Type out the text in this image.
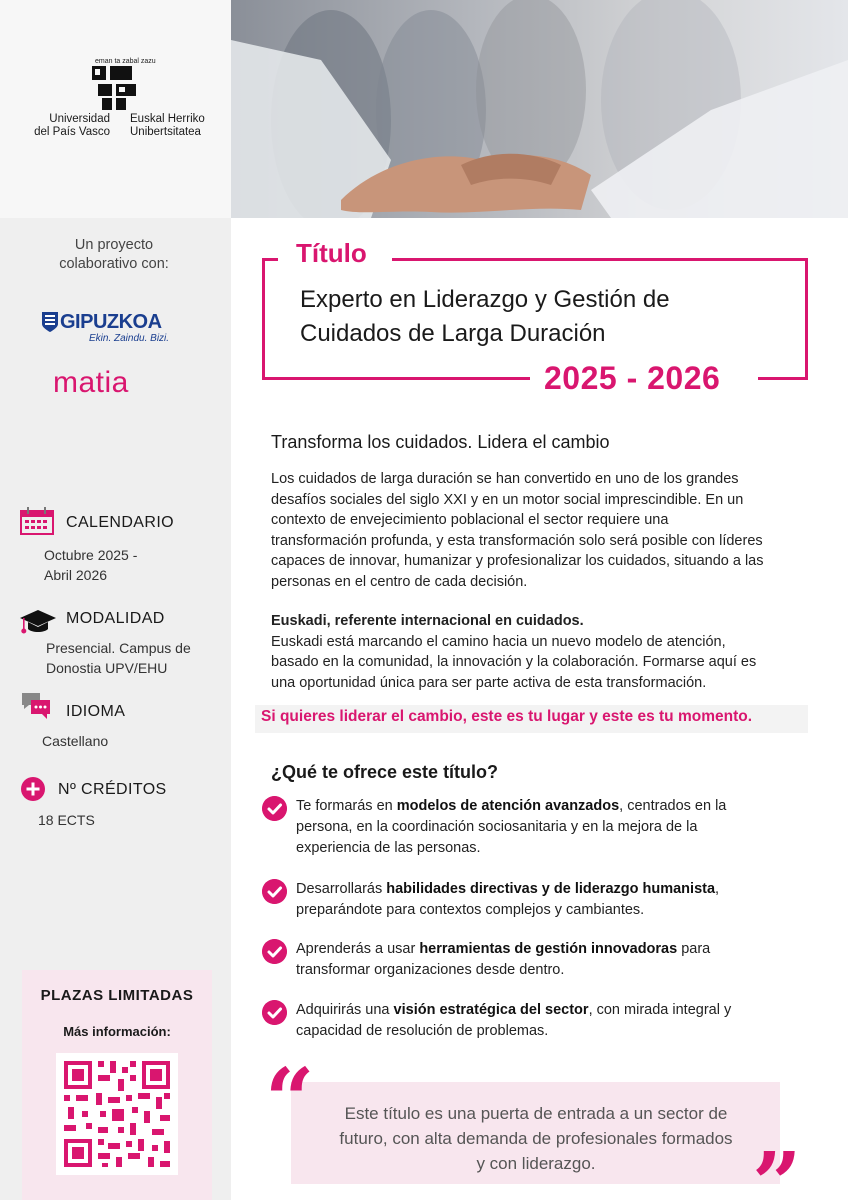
eman ta zabal zazu
Universidad
del País Vasco
Euskal Herriko
Unibertsitatea
Un proyecto
colaborativo con:
GIPUZKOA
Ekin. Zaindu. Bizi.
matia
CALENDARIO
Octubre 2025 -
Abril 2026
MODALIDAD
Presencial. Campus de
Donostia UPV/EHU
IDIOMA
Castellano
Nº CRÉDITOS
18 ECTS
PLAZAS LIMITADAS
Más información:
Título
Experto en Liderazgo y Gestión de
Cuidados de Larga Duración
2025 - 2026
Transforma los cuidados. Lidera el cambio
Los cuidados de larga duración se han convertido en uno de los grandes
desafíos sociales del siglo XXI y en un motor social imprescindible. En un
contexto de envejecimiento poblacional el sector requiere una
transformación profunda, y esta transformación solo será posible con líderes
capaces de innovar, humanizar y profesionalizar los cuidados, situando a las
personas en el centro de cada decisión.
Euskadi, referente internacional en cuidados.
Euskadi está marcando el camino hacia un nuevo modelo de atención,
basado en la comunidad, la innovación y la colaboración. Formarse aquí es
una oportunidad única para ser parte activa de esta transformación.
Si quieres liderar el cambio, este es tu lugar y este es tu momento.
¿Qué te ofrece este título?
Te formarás en modelos de atención avanzados, centrados en la
persona, en la coordinación sociosanitaria y en la mejora de la
experiencia de las personas.
Desarrollarás habilidades directivas y de liderazgo humanista,
preparándote para contextos complejos y cambiantes.
Aprenderás a usar herramientas de gestión innovadoras para
transformar organizaciones desde dentro.
Adquirirás una visión estratégica del sector, con mirada integral y
capacidad de resolución de problemas.
“	Este título es una puerta de entrada a un sector de
futuro, con alta demanda de profesionales formados
y con liderazgo.	”
